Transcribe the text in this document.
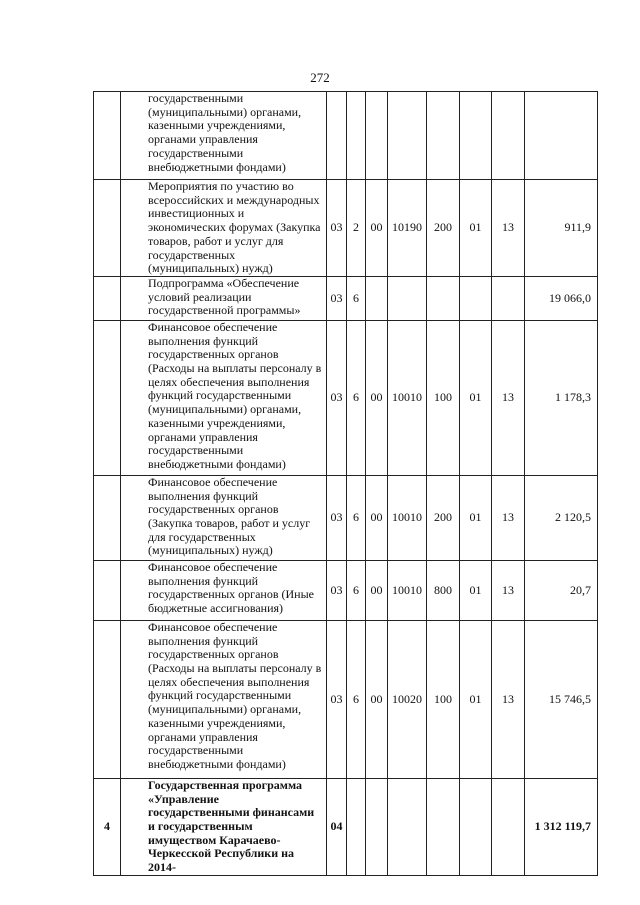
272
	государственными (муниципальными) органами, казенными учреждениями, органами управления государственными внебюджетными фондами)								
	Мероприятия по участию во всероссийских и международных инвестиционных и экономических форумах (Закупка товаров, работ и услуг для государственных (муниципальных) нужд)	03	2	00	10190	200	01	13	911,9
	Подпрограмма «Обеспечение условий реализации государственной программы»	03	6						19 066,0
	Финансовое обеспечение выполнения функций государственных органов (Расходы на выплаты персоналу в целях обеспечения выполнения функций государственными (муниципальными) органами, казенными учреждениями, органами управления государственными внебюджетными фондами)	03	6	00	10010	100	01	13	1 178,3
	Финансовое обеспечение выполнения функций государственных органов (Закупка товаров, работ и услуг для государственных (муниципальных) нужд)	03	6	00	10010	200	01	13	2 120,5
	Финансовое обеспечение выполнения функций государственных органов (Иные бюджетные ассигнования)	03	6	00	10010	800	01	13	20,7
	Финансовое обеспечение выполнения функций государственных органов (Расходы на выплаты персоналу в целях обеспечения выполнения функций государственными (муниципальными) органами, казенными учреждениями, органами управления государственными внебюджетными фондами)	03	6	00	10020	100	01	13	15 746,5
4	Государственная программа «Управление государственными финансами и государственным имуществом Карачаево-Черкесской Республики на 2014-	04							1 312 119,7
